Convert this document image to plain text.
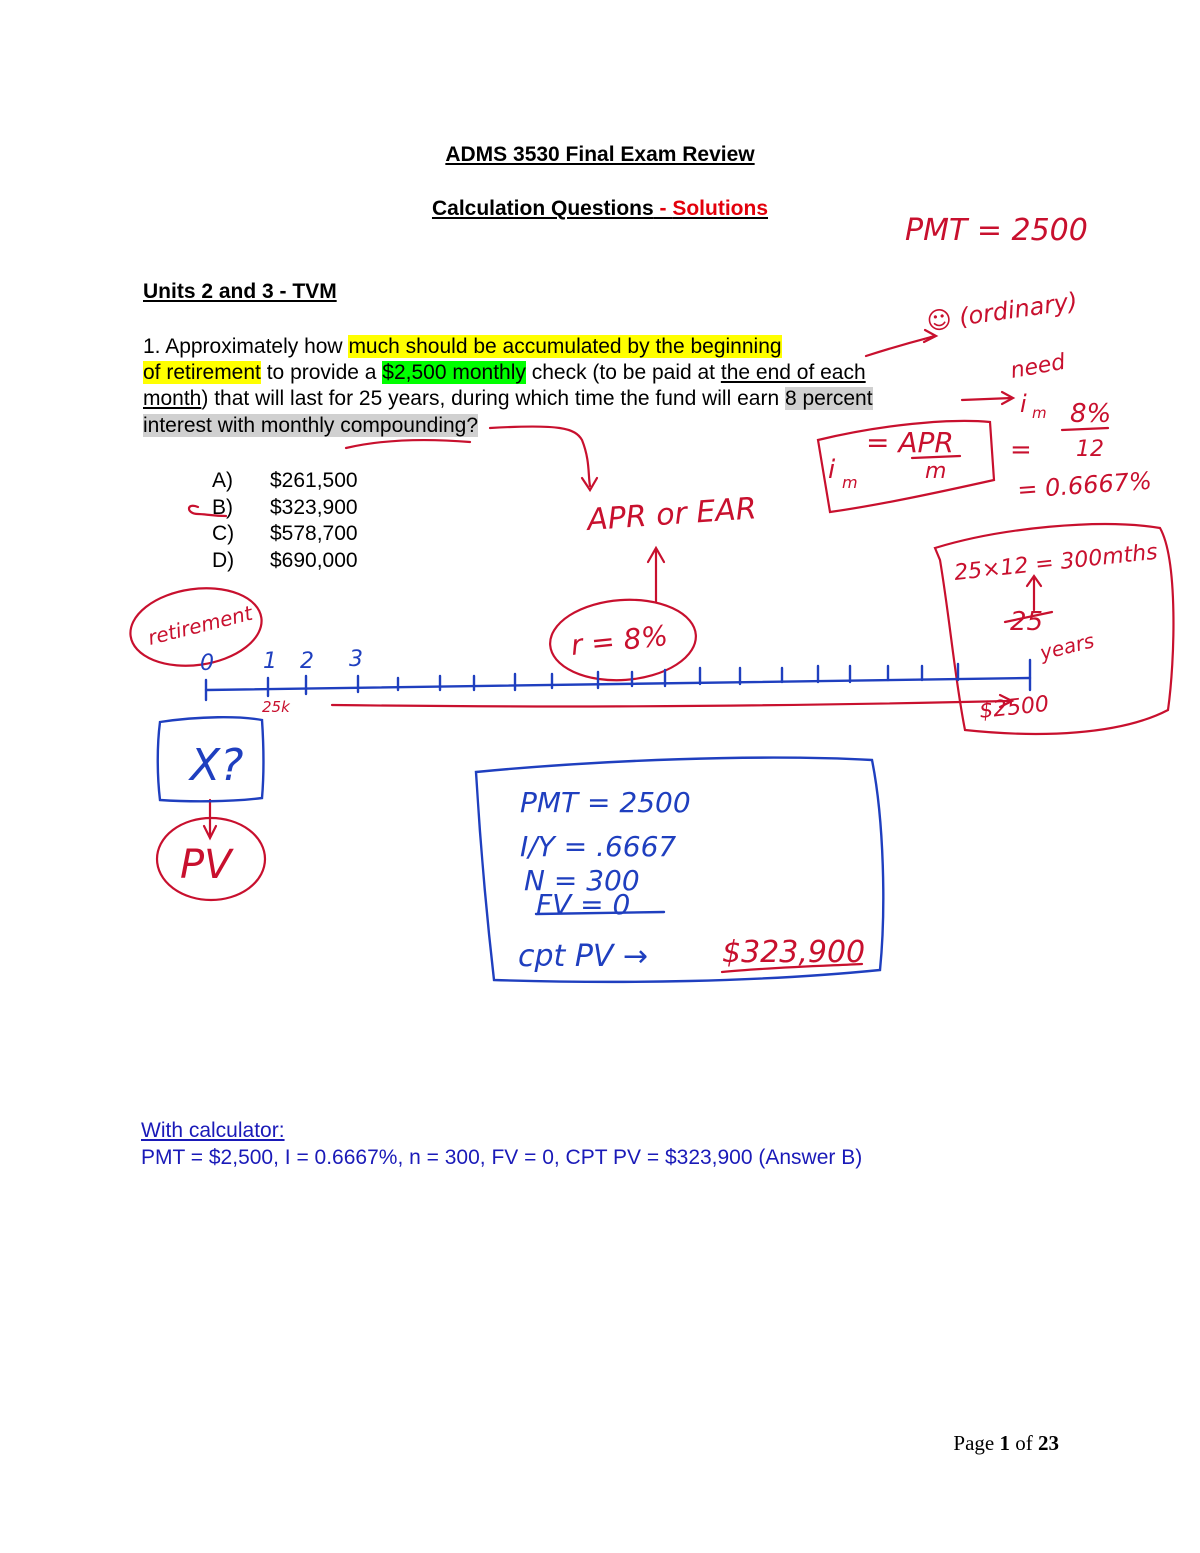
ADMS 3530 Final Exam Review
Calculation Questions - Solutions
Units 2 and 3 - TVM
1. Approximately how much should be accumulated by the beginning
of retirement to provide a $2,500 monthly check (to be paid at the end of each
month) that will last for 25 years, during which time the fund will earn 8 percent
interest with monthly compounding?
A) $261,500
B) $323,900
C) $578,700
D) $690,000
With calculator:
PMT = $2,500, I = 0.6667%, n = 300, FV = 0, CPT PV = $323,900 (Answer B)
Page 1 of 23
PMT = 2500
☺ (ordinary)
need
i m
i m
= APR
m
=
8%
12
= 0.6667%
APR or EAR
25×12 = 300mths
25
years
$2500
retirement	r = 8%
25k
PV
0 1 2 3
X?
PMT = 2500
I/Y = .6667
N = 300
FV = 0
cpt PV → $323,900
